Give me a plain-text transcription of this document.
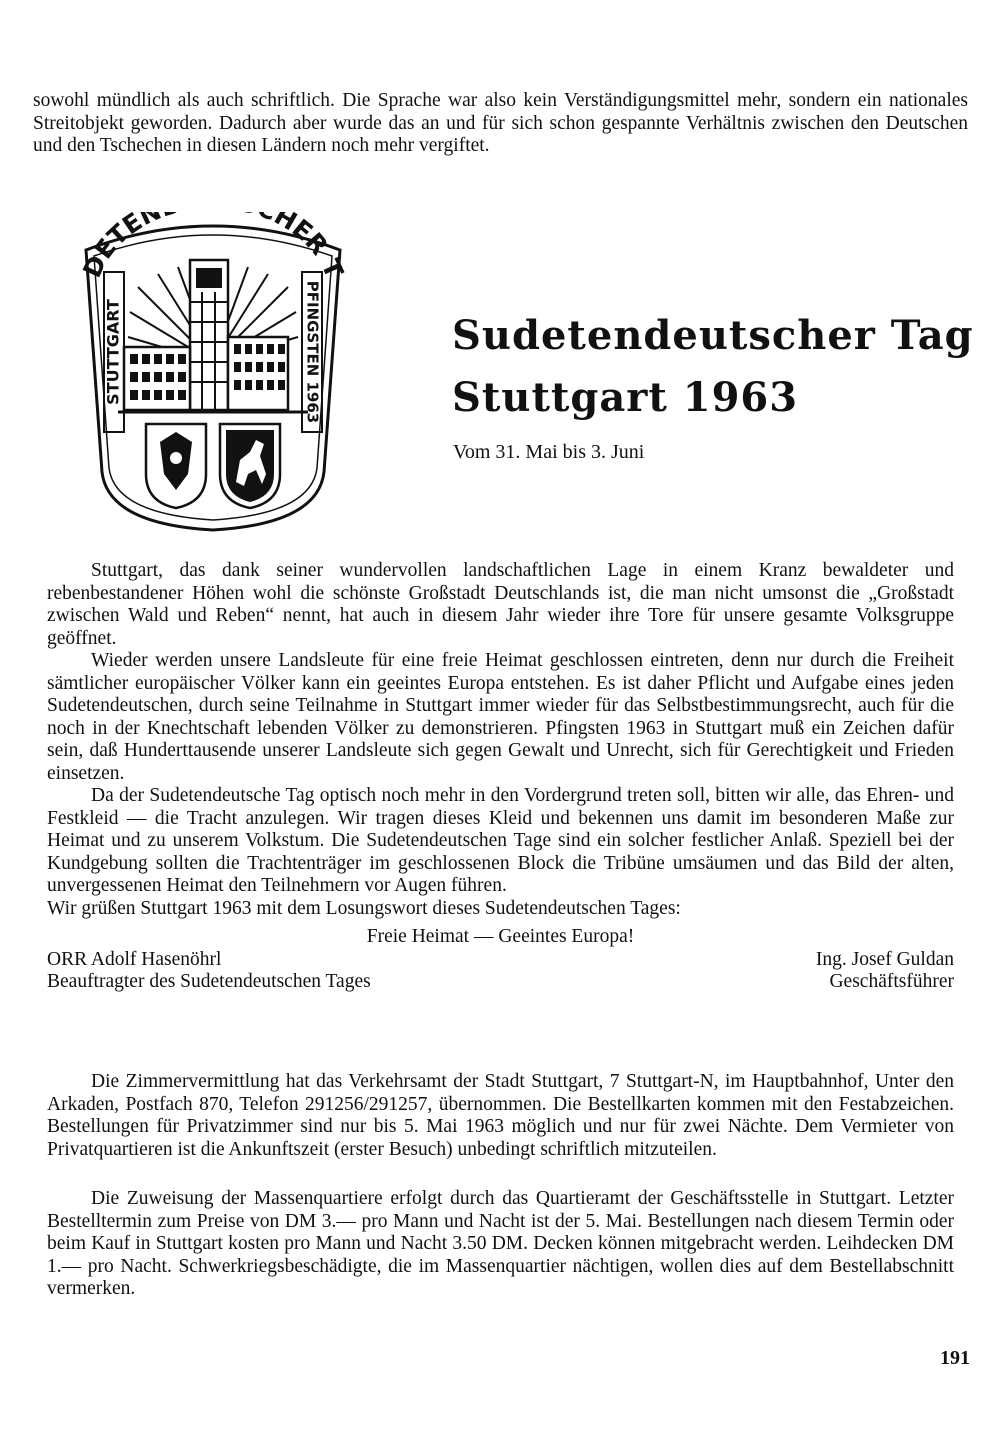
sowohl mündlich als auch schriftlich. Die Sprache war also kein Verständigungsmittel mehr, sondern ein nationales Streitobjekt geworden. Dadurch aber wurde das an und für sich schon gespannte Verhältnis zwischen den Deutschen und den Tschechen in diesen Ländern noch mehr vergiftet.

DETEN HER T
STUTTGART	PFINGSTEN 1963	Sudetendeutscher Tag

Stuttgart 1963

Vom 31. Mai bis 3. Juni

Stuttgart, das dank seiner wundervollen landschaftlichen Lage in einem Kranz bewaldeter und rebenbestandener Höhen wohl die schönste Großstadt Deutschlands ist, die man nicht umsonst die „Großstadt zwischen Wald und Reben“ nennt, hat auch in diesem Jahr wieder ihre Tore für unsere gesamte Volksgruppe geöffnet.

Wieder werden unsere Landsleute für eine freie Heimat geschlossen eintreten, denn nur durch die Freiheit sämtlicher europäischer Völker kann ein geeintes Europa entstehen. Es ist daher Pflicht und Aufgabe eines jeden Sudetendeutschen, durch seine Teilnahme in Stuttgart immer wieder für das Selbstbestimmungsrecht, auch für die noch in der Knechtschaft lebenden Völker zu demonstrieren. Pfingsten 1963 in Stuttgart muß ein Zeichen dafür sein, daß Hunderttausende unserer Landsleute sich gegen Gewalt und Unrecht, sich für Gerechtigkeit und Frieden einsetzen.

Da der Sudetendeutsche Tag optisch noch mehr in den Vordergrund treten soll, bitten wir alle, das Ehren- und Festkleid — die Tracht anzulegen. Wir tragen dieses Kleid und bekennen uns damit im besonderen Maße zur Heimat und zu unserem Volkstum. Die Sudetendeutschen Tage sind ein solcher festlicher Anlaß. Speziell bei der Kundgebung sollten die Trachtenträger im geschlossenen Block die Tribüne umsäumen und das Bild der alten, unvergessenen Heimat den Teilnehmern vor Augen führen.

Wir grüßen Stuttgart 1963 mit dem Losungswort dieses Sudetendeutschen Tages:

Freie Heimat — Geeintes Europa!

ORR Adolf Hasenöhrl	Ing. Josef Guldan
Beauftragter des Sudetendeutschen Tages	Geschäftsführer

Die Zimmervermittlung hat das Verkehrsamt der Stadt Stuttgart, 7 Stuttgart-N, im Hauptbahnhof, Unter den Arkaden, Postfach 870, Telefon 291256/291257, übernommen. Die Bestellkarten kommen mit den Festabzeichen. Bestellungen für Privatzimmer sind nur bis 5. Mai 1963 möglich und nur für zwei Nächte. Dem Vermieter von Privatquartieren ist die Ankunftszeit (erster Besuch) unbedingt schriftlich mitzuteilen.

Die Zuweisung der Massenquartiere erfolgt durch das Quartieramt der Geschäftsstelle in Stuttgart. Letzter Bestelltermin zum Preise von DM 3.— pro Mann und Nacht ist der 5. Mai. Bestellungen nach diesem Termin oder beim Kauf in Stuttgart kosten pro Mann und Nacht 3.50 DM. Decken können mitgebracht werden. Leihdecken DM 1.— pro Nacht. Schwerkriegsbeschädigte, die im Massenquartier nächtigen, wollen dies auf dem Bestellabschnitt vermerken.

191
